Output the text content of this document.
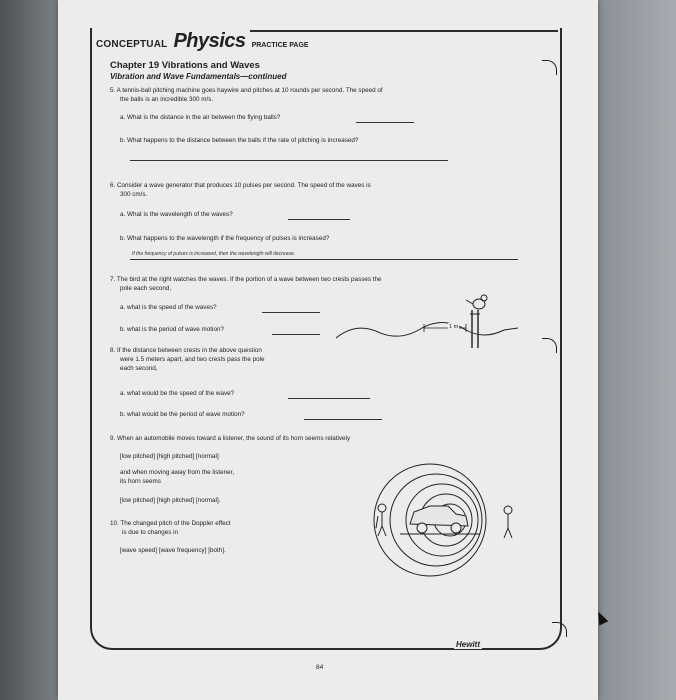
CONCEPTUAL Physics PRACTICE PAGE
Chapter 19 Vibrations and Waves
Vibration and Wave Fundamentals—continued
5. A tennis-ball pitching machine goes haywire and pitches at 10 rounds per second. The speed of
the balls is an incredible 300 m/s.
a. What is the distance in the air between the flying balls?
b. What happens to the distance between the balls if the rate of pitching is increased?
6. Consider a wave generator that produces 10 pulses per second. The speed of the waves is
300 cm/s.
a. What is the wavelength of the waves?
b. What happens to the wavelength if the frequency of pulses is increased?
If the frequency of pulses is increased, then the wavelength will decrease.
7. The bird at the right watches the waves. If the portion of a wave between two crests passes the
pole each second,
a. what is the speed of the waves?
b. what is the period of wave motion?	1 m
8. If the distance between crests in the above question
were 1.5 meters apart, and two crests pass the pole
each second,
a. what would be the speed of the wave?
b. what would be the period of wave motion?
9. When an automobile moves toward a listener, the sound of its horn seems relatively
[low pitched] [high pitched] [normal]
and when moving away from the listener,
its horn seems
[low pitched] [high pitched] [normal].
10. The changed pitch of the Doppler effect
is due to changes in
[wave speed] [wave frequency] [both].
Hewitt
84
